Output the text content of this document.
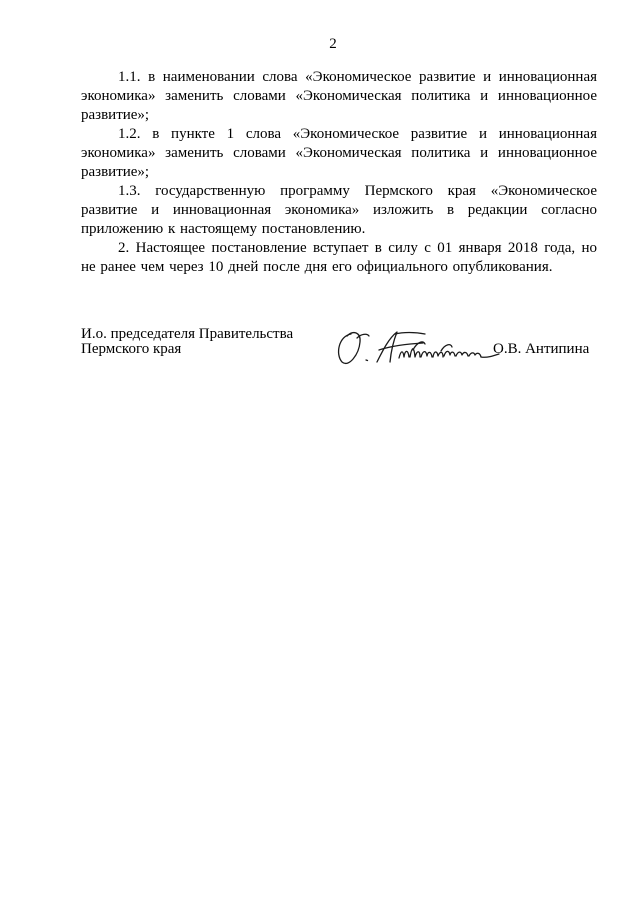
2

1.1. в наименовании слова «Экономическое развитие и инновационная экономика» заменить словами «Экономическая политика и инновационное развитие»;

1.2. в пункте 1 слова «Экономическое развитие и инновационная экономика» заменить словами «Экономическая политика и инновационное развитие»;

1.3. государственную программу Пермского края «Экономическое развитие и инновационная экономика» изложить в редакции согласно приложению к настоящему постановлению.

2. Настоящее постановление вступает в силу с 01 января 2018 года, но не ранее чем через 10 дней после дня его официального опубликования.

И.о. председателя Правительства
Пермского края	О.В. Антипина
